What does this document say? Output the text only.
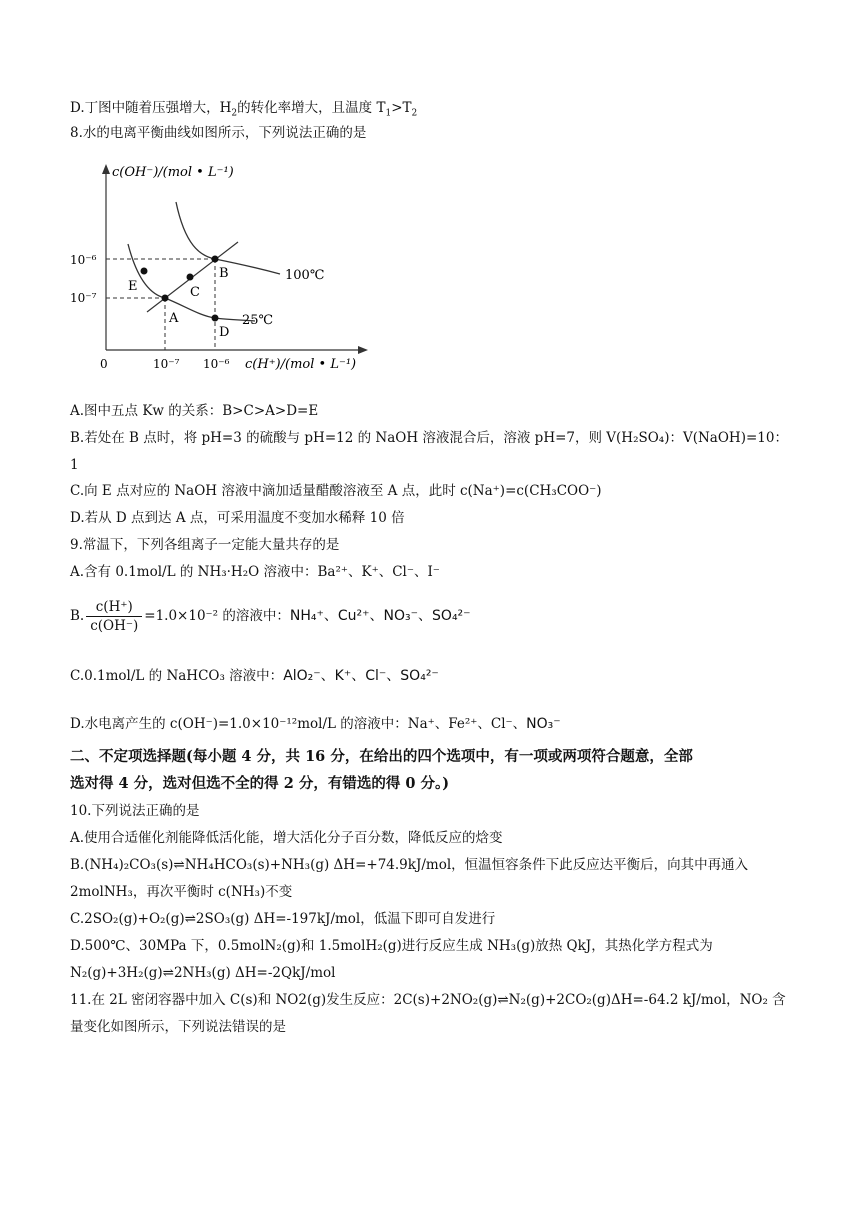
D.丁图中随着压强增大，$H_2$的转化率增大，且温度 $T_1>T_2$
8.水的电离平衡曲线如图所示，下列说法正确的是
c(OH⁻)/(mol • L⁻¹)
10⁻⁶
10⁻⁷
0	10⁻⁷ 10⁻⁶ c(H⁺)/(mol • L⁻¹)
100℃
25℃
E	C
B
A
D
A.图中五点 Kw 的关系：B>C>A>D=E
B.若处在 B 点时，将 pH=3 的硫酸与 pH=12 的 NaOH 溶液混合后，溶液 pH=7，则 V(H₂SO₄)：V(NaOH)=10：
1
C.向 E 点对应的 NaOH 溶液中滴加适量醋酸溶液至 A 点，此时 c(Na⁺)=c(CH₃COO⁻)
D.若从 D 点到达 A 点，可采用温度不变加水稀释 10 倍
9.常温下，下列各组离子一定能大量共存的是
A.含有 0.1mol/L 的 NH₃·H₂O 溶液中：Ba²⁺、K⁺、Cl⁻、I⁻
B. $\frac{c(H^+)}{c(OH^-)} =1.0\times 10^{-2}$ 的溶液中：NH₄⁺、Cu²⁺、NO₃⁻、SO₄²⁻
C.0.1mol/L 的 NaHCO₃ 溶液中：AlO₂⁻、K⁺、Cl⁻、SO₄²⁻
D.水电离产生的 c(OH⁻)=1.0×10⁻¹²mol/L 的溶液中：Na⁺、Fe²⁺、Cl⁻、NO₃⁻
二、不定项选择题(每小题 4 分，共 16 分，在给出的四个选项中，有一项或两项符合题意，全部
选对得 4 分，选对但选不全的得 2 分，有错选的得 0 分。)
10.下列说法正确的是
A.使用合适催化剂能降低活化能，增大活化分子百分数，降低反应的焓变
B.(NH₄)₂CO₃(s)⇌NH₄HCO₃(s)+NH₃(g) ΔH=+74.9kJ/mol，恒温恒容条件下此反应达平衡后，向其中再通入
2molNH₃，再次平衡时 c(NH₃)不变
C.2SO₂(g)+O₂(g)⇌2SO₃(g) ΔH=-197kJ/mol，低温下即可自发进行
D.500℃、30MPa 下，0.5molN₂(g)和 1.5molH₂(g)进行反应生成 NH₃(g)放热 QkJ，其热化学方程式为
N₂(g)+3H₂(g)⇌2NH₃(g) ΔH=-2QkJ/mol
11.在 2L 密闭容器中加入 C(s)和 NO2(g)发生反应：2C(s)+2NO₂(g)⇌N₂(g)+2CO₂(g)ΔH=-64.2 kJ/mol，NO₂ 含
量变化如图所示，下列说法错误的是
